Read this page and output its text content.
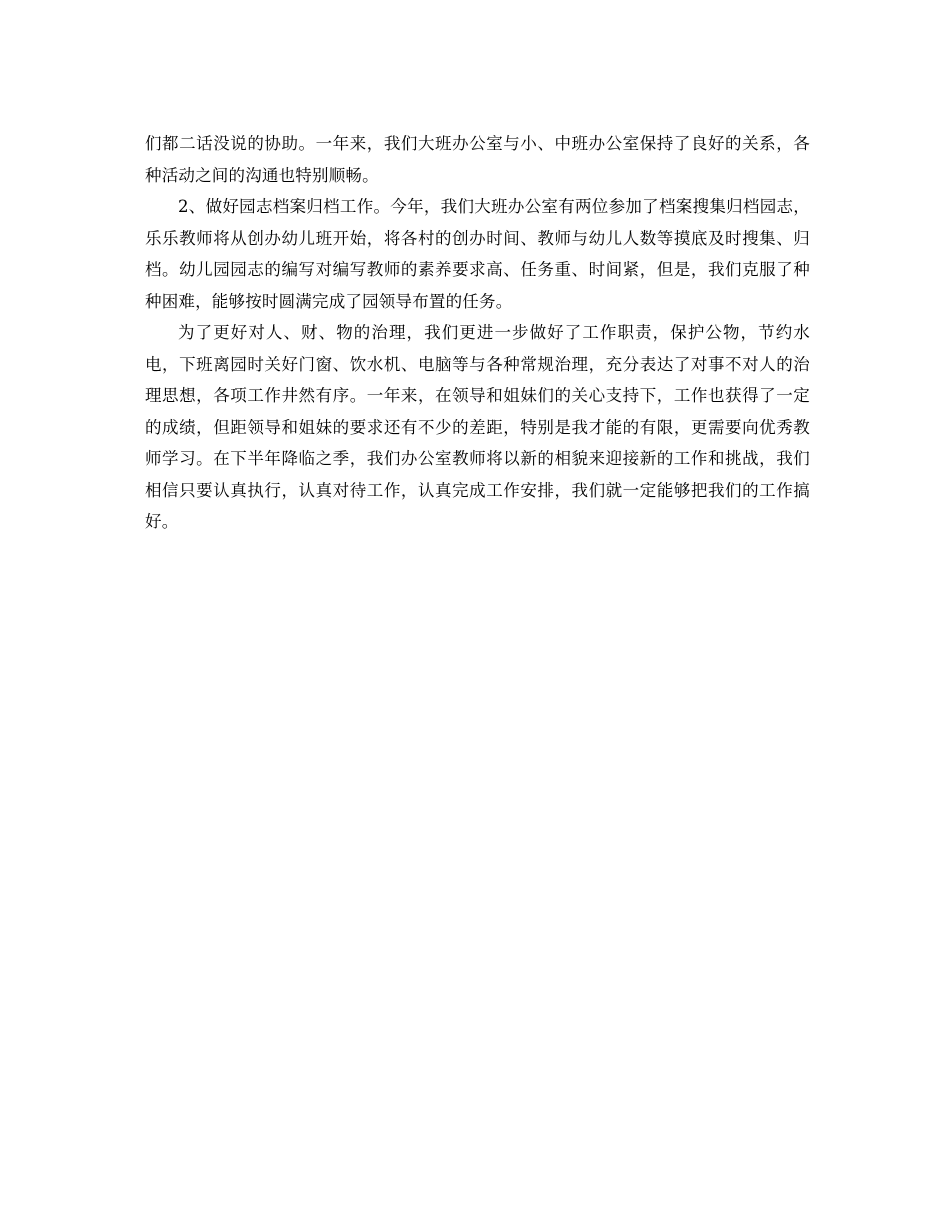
们都二话没说的协助。一年来，我们大班办公室与小、中班办公室保持了良好的关系，各种活动之间的沟通也特别顺畅。

2、做好园志档案归档工作。今年，我们大班办公室有两位参加了档案搜集归档园志，乐乐教师将从创办幼儿班开始，将各村的创办时间、教师与幼儿人数等摸底及时搜集、归档。幼儿园园志的编写对编写教师的素养要求高、任务重、时间紧，但是，我们克服了种种困难，能够按时圆满完成了园领导布置的任务。

为了更好对人、财、物的治理，我们更进一步做好了工作职责，保护公物，节约水电，下班离园时关好门窗、饮水机、电脑等与各种常规治理，充分表达了对事不对人的治理思想，各项工作井然有序。一年来，在领导和姐妹们的关心支持下，工作也获得了一定的成绩，但距领导和姐妹的要求还有不少的差距，特别是我才能的有限，更需要向优秀教师学习。在下半年降临之季，我们办公室教师将以新的相貌来迎接新的工作和挑战，我们相信只要认真执行，认真对待工作，认真完成工作安排，我们就一定能够把我们的工作搞好。
